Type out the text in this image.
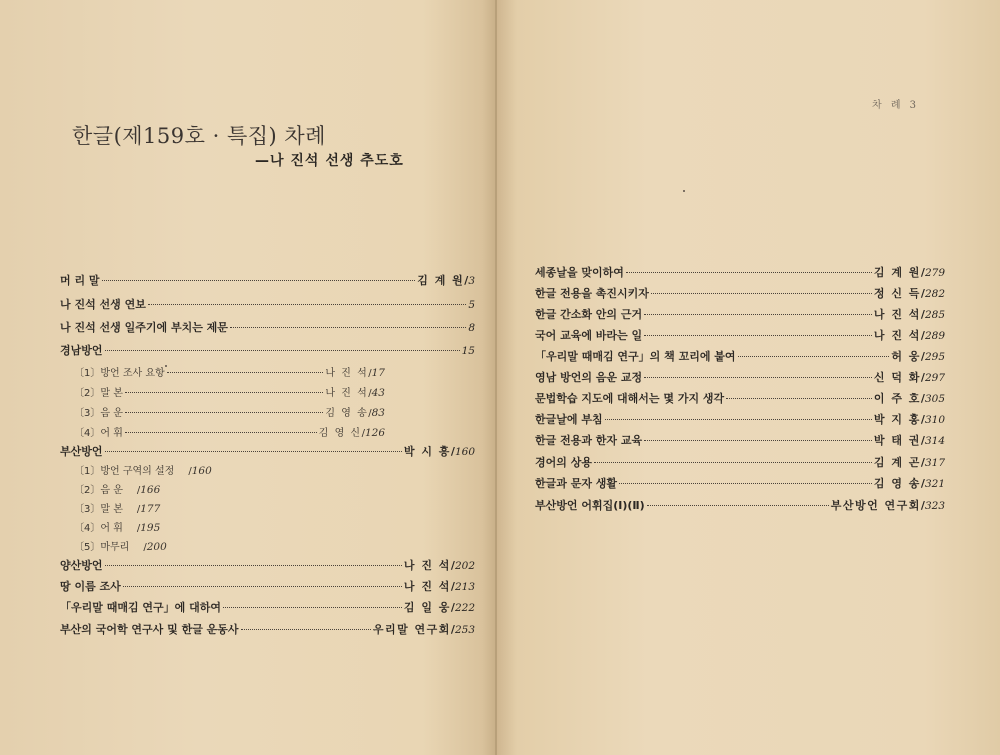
한글(제159호 · 특집) 차례
—나 진석 선생 추도호
머 리 말	김 계 원 / 3
나 진석 선생 연보	5
나 진석 선생 일주기에 부치는 제문	8
경남방언	15
〔1〕방언 조사 요항	나 진 석 / 17
〔2〕말 본	나 진 석 / 43
〔3〕음 운	김 영 송 / 83
〔4〕어 휘	김 영 신 / 126
부산방언	박 시 흥 / 160
〔1〕방언 구역의 설정 / 160
〔2〕음 운 / 166
〔3〕말 본 / 177
〔4〕어 휘 / 195
〔5〕마무리 / 200
양산방언	나 진 석 / 202
땅 이름 조사	나 진 석 / 213
「우리말 때매김 연구」에 대하여	김 일 웅 / 222
부산의 국어학 연구사 및 한글 운동사	우리말 연구회 / 253
세종날을 맞이하여	김 계 원 / 279
한글 전용을 촉진시키자	정 신 득 / 282
한글 간소화 안의 근거	나 진 석 / 285
국어 교육에 바라는 일	나 진 석 / 289
「우리말 때매김 연구」의 책 꼬리에 붙여	허 웅 / 295
영남 방언의 음운 교정	신 덕 화 / 297
문법학습 지도에 대해서는 몇 가지 생각	이 주 호 / 305
한글날에 부침	박 지 홍 / 310
한글 전용과 한자 교육	박 태 권 / 314
경어의 상용	김 계 곤 / 317
한글과 문자 생활	김 영 송 / 321
부산방언 어휘집(Ⅰ)(Ⅱ)	부산방언 연구회 / 323
차 례 3
